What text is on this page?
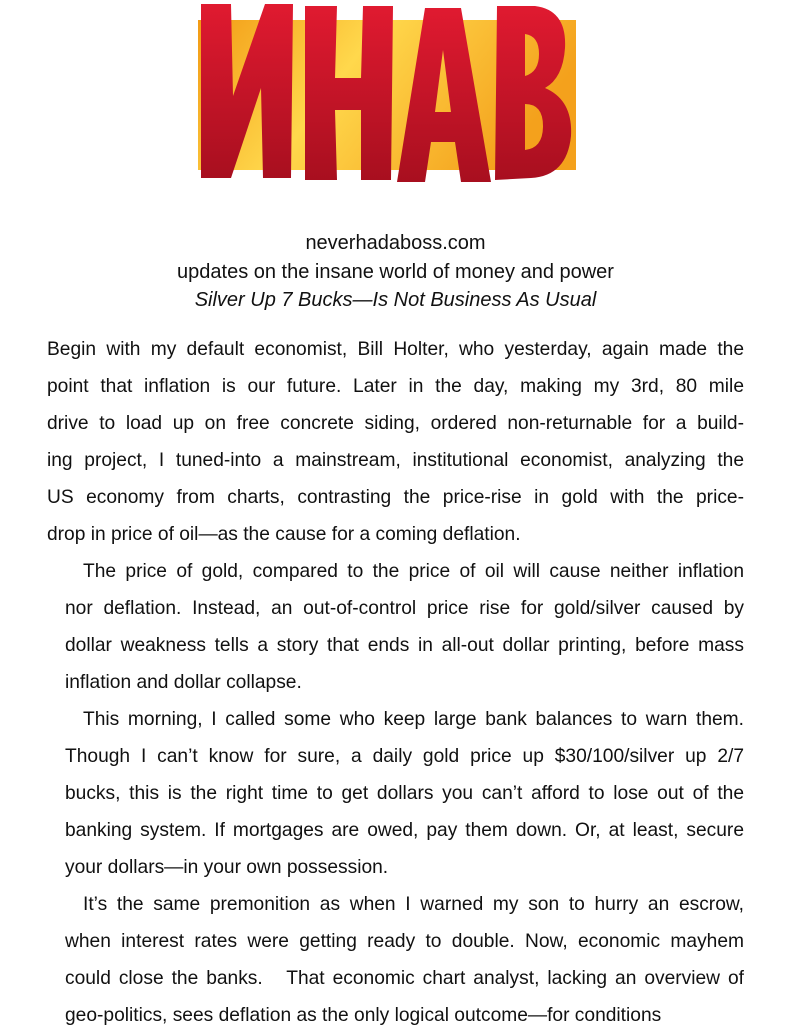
neverhadaboss.com
updates on the insane world of money and power
Silver Up 7 Bucks—Is Not Business As Usual

Begin with my default economist, Bill Holter, who yesterday, again made the
point that inflation is our future. Later in the day, making my 3rd, 80 mile
drive to load up on free concrete siding, ordered non-returnable for a build-
ing project, I tuned-into a mainstream, institutional economist, analyzing the
US economy from charts, contrasting the price-rise in gold with the price-
drop in price of oil—as the cause for a coming deflation.

The price of gold, compared to the price of oil will cause neither inflation
nor deflation. Instead, an out-of-control price rise for gold/silver caused by
dollar weakness tells a story that ends in all-out dollar printing, before mass
inflation and dollar collapse.

This morning, I called some who keep large bank balances to warn them.
Though I can’t know for sure, a daily gold price up $30/100/silver up 2/7
bucks, this is the right time to get dollars you can’t afford to lose out of the
banking system. If mortgages are owed, pay them down. Or, at least, secure
your dollars—in your own possession.

It’s the same premonition as when I warned my son to hurry an escrow,
when interest rates were getting ready to double. Now, economic mayhem
could close the banks.   That economic chart analyst, lacking an overview of
geo-politics, sees deflation as the only logical outcome—for conditions
